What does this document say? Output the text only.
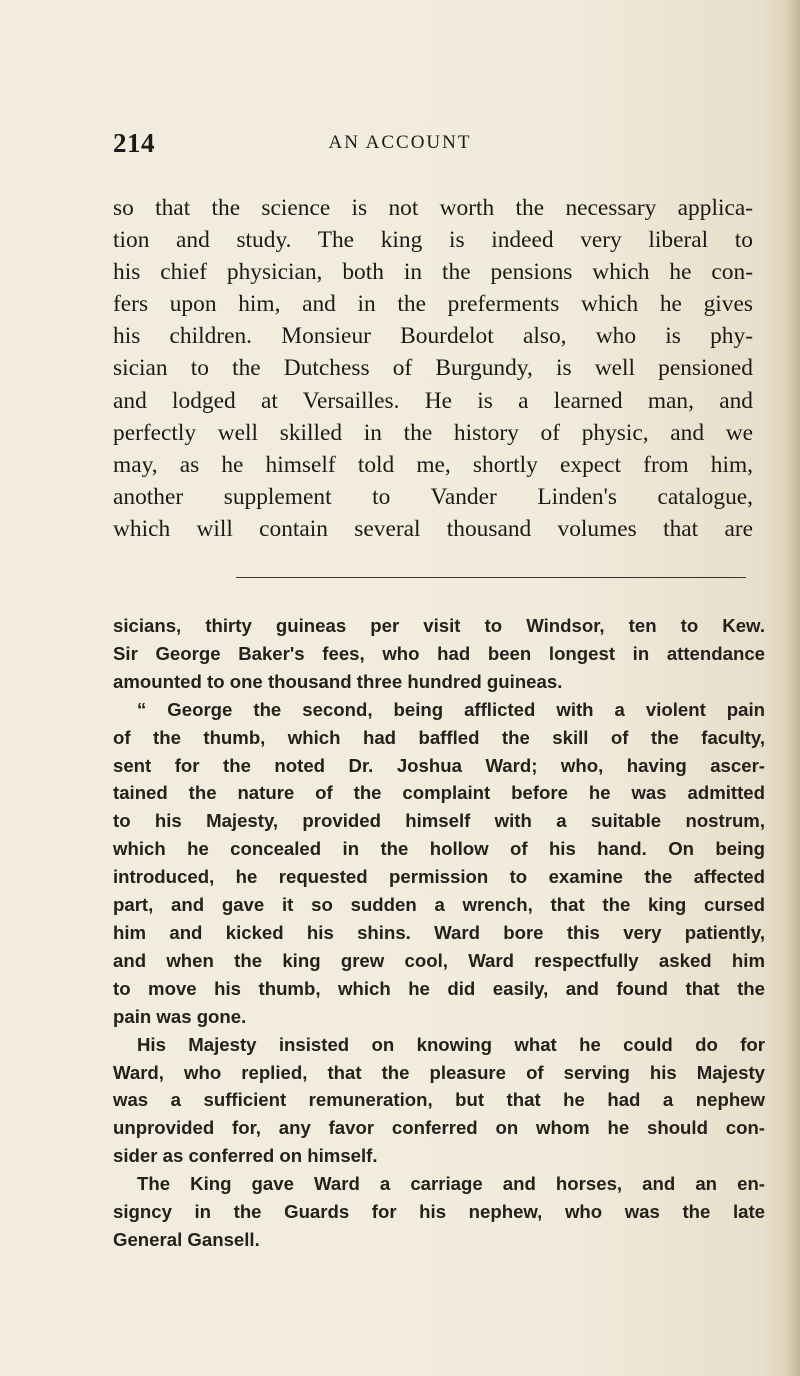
214	AN ACCOUNT
so that the science is not worth the necessary applica-
tion and study. The king is indeed very liberal to
his chief physician, both in the pensions which he con-
fers upon him, and in the preferments which he gives
his children. Monsieur Bourdelot also, who is phy-
sician to the Dutchess of Burgundy, is well pensioned
and lodged at Versailles. He is a learned man, and
perfectly well skilled in the history of physic, and we
may, as he himself told me, shortly expect from him,
another supplement to Vander Linden's catalogue,
which will contain several thousand volumes that are
sicians, thirty guineas per visit to Windsor, ten to Kew.
Sir George Baker's fees, who had been longest in attendance
amounted to one thousand three hundred guineas.
“ George the second, being afflicted with a violent pain
of the thumb, which had baffled the skill of the faculty,
sent for the noted Dr. Joshua Ward; who, having ascer-
tained the nature of the complaint before he was admitted
to his Majesty, provided himself with a suitable nostrum,
which he concealed in the hollow of his hand. On being
introduced, he requested permission to examine the affected
part, and gave it so sudden a wrench, that the king cursed
him and kicked his shins. Ward bore this very patiently,
and when the king grew cool, Ward respectfully asked him
to move his thumb, which he did easily, and found that the
pain was gone.
His Majesty insisted on knowing what he could do for
Ward, who replied, that the pleasure of serving his Majesty
was a sufficient remuneration, but that he had a nephew
unprovided for, any favor conferred on whom he should con-
sider as conferred on himself.
The King gave Ward a carriage and horses, and an en-
signcy in the Guards for his nephew, who was the late
General Gansell.
